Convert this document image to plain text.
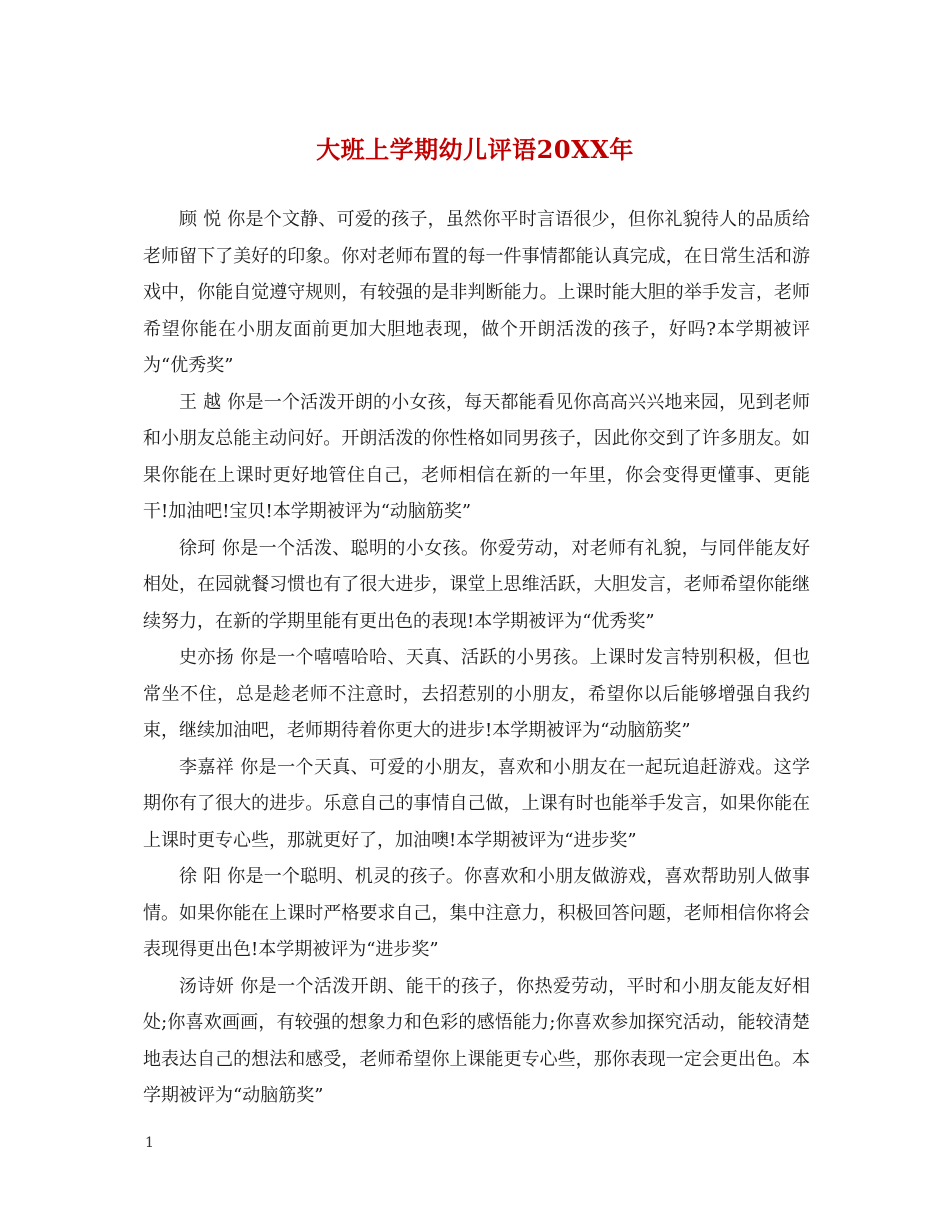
大班上学期幼儿评语20XX年

顾 悦 你是个文静、可爱的孩子，虽然你平时言语很少，但你礼貌待人的品质给老师留下了美好的印象。你对老师布置的每一件事情都能认真完成，在日常生活和游戏中，你能自觉遵守规则，有较强的是非判断能力。上课时能大胆的举手发言，老师希望你能在小朋友面前更加大胆地表现，做个开朗活泼的孩子，好吗?本学期被评为“优秀奖”

王 越 你是一个活泼开朗的小女孩，每天都能看见你高高兴兴地来园，见到老师和小朋友总能主动问好。开朗活泼的你性格如同男孩子，因此你交到了许多朋友。如果你能在上课时更好地管住自己，老师相信在新的一年里，你会变得更懂事、更能干!加油吧!宝贝!本学期被评为“动脑筋奖”

徐珂 你是一个活泼、聪明的小女孩。你爱劳动，对老师有礼貌，与同伴能友好相处，在园就餐习惯也有了很大进步，课堂上思维活跃，大胆发言，老师希望你能继续努力，在新的学期里能有更出色的表现!本学期被评为“优秀奖”

史亦扬 你是一个嘻嘻哈哈、天真、活跃的小男孩。上课时发言特别积极，但也常坐不住，总是趁老师不注意时，去招惹别的小朋友，希望你以后能够增强自我约束，继续加油吧，老师期待着你更大的进步!本学期被评为“动脑筋奖”

李嘉祥 你是一个天真、可爱的小朋友，喜欢和小朋友在一起玩追赶游戏。这学期你有了很大的进步。乐意自己的事情自己做，上课有时也能举手发言，如果你能在上课时更专心些，那就更好了，加油噢!本学期被评为“进步奖”

徐 阳 你是一个聪明、机灵的孩子。你喜欢和小朋友做游戏，喜欢帮助别人做事情。如果你能在上课时严格要求自己，集中注意力，积极回答问题，老师相信你将会表现得更出色!本学期被评为“进步奖”

汤诗妍 你是一个活泼开朗、能干的孩子，你热爱劳动，平时和小朋友能友好相处;你喜欢画画，有较强的想象力和色彩的感悟能力;你喜欢参加探究活动，能较清楚地表达自己的想法和感受，老师希望你上课能更专心些，那你表现一定会更出色。本学期被评为“动脑筋奖”

1
